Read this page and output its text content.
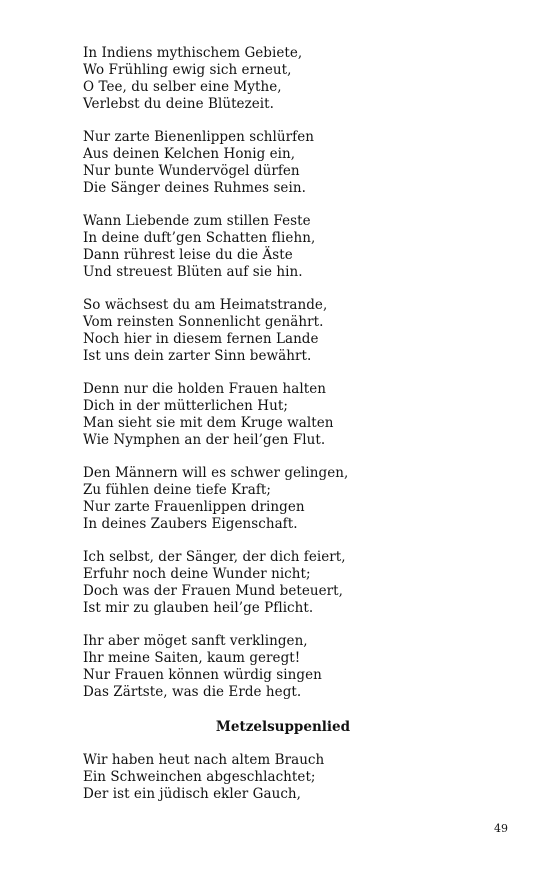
In Indiens mythischem Gebiete,
Wo Frühling ewig sich erneut,
O Tee, du selber eine Mythe,
Verlebst du deine Blütezeit.
Nur zarte Bienenlippen schlürfen
Aus deinen Kelchen Honig ein,
Nur bunte Wundervögel dürfen
Die Sänger deines Ruhmes sein.
Wann Liebende zum stillen Feste
In deine duft’gen Schatten fliehn,
Dann rührest leise du die Äste
Und streuest Blüten auf sie hin.
So wächsest du am Heimatstrande,
Vom reinsten Sonnenlicht genährt.
Noch hier in diesem fernen Lande
Ist uns dein zarter Sinn bewährt.
Denn nur die holden Frauen halten
Dich in der mütterlichen Hut;
Man sieht sie mit dem Kruge walten
Wie Nymphen an der heil’gen Flut.
Den Männern will es schwer gelingen,
Zu fühlen deine tiefe Kraft;
Nur zarte Frauenlippen dringen
In deines Zaubers Eigenschaft.
Ich selbst, der Sänger, der dich feiert,
Erfuhr noch deine Wunder nicht;
Doch was der Frauen Mund beteuert,
Ist mir zu glauben heil’ge Pflicht.
Ihr aber möget sanft verklingen,
Ihr meine Saiten, kaum geregt!
Nur Frauen können würdig singen
Das Zärtste, was die Erde hegt.
Metzelsuppenlied
Wir haben heut nach altem Brauch
Ein Schweinchen abgeschlachtet;
Der ist ein jüdisch ekler Gauch,
49
